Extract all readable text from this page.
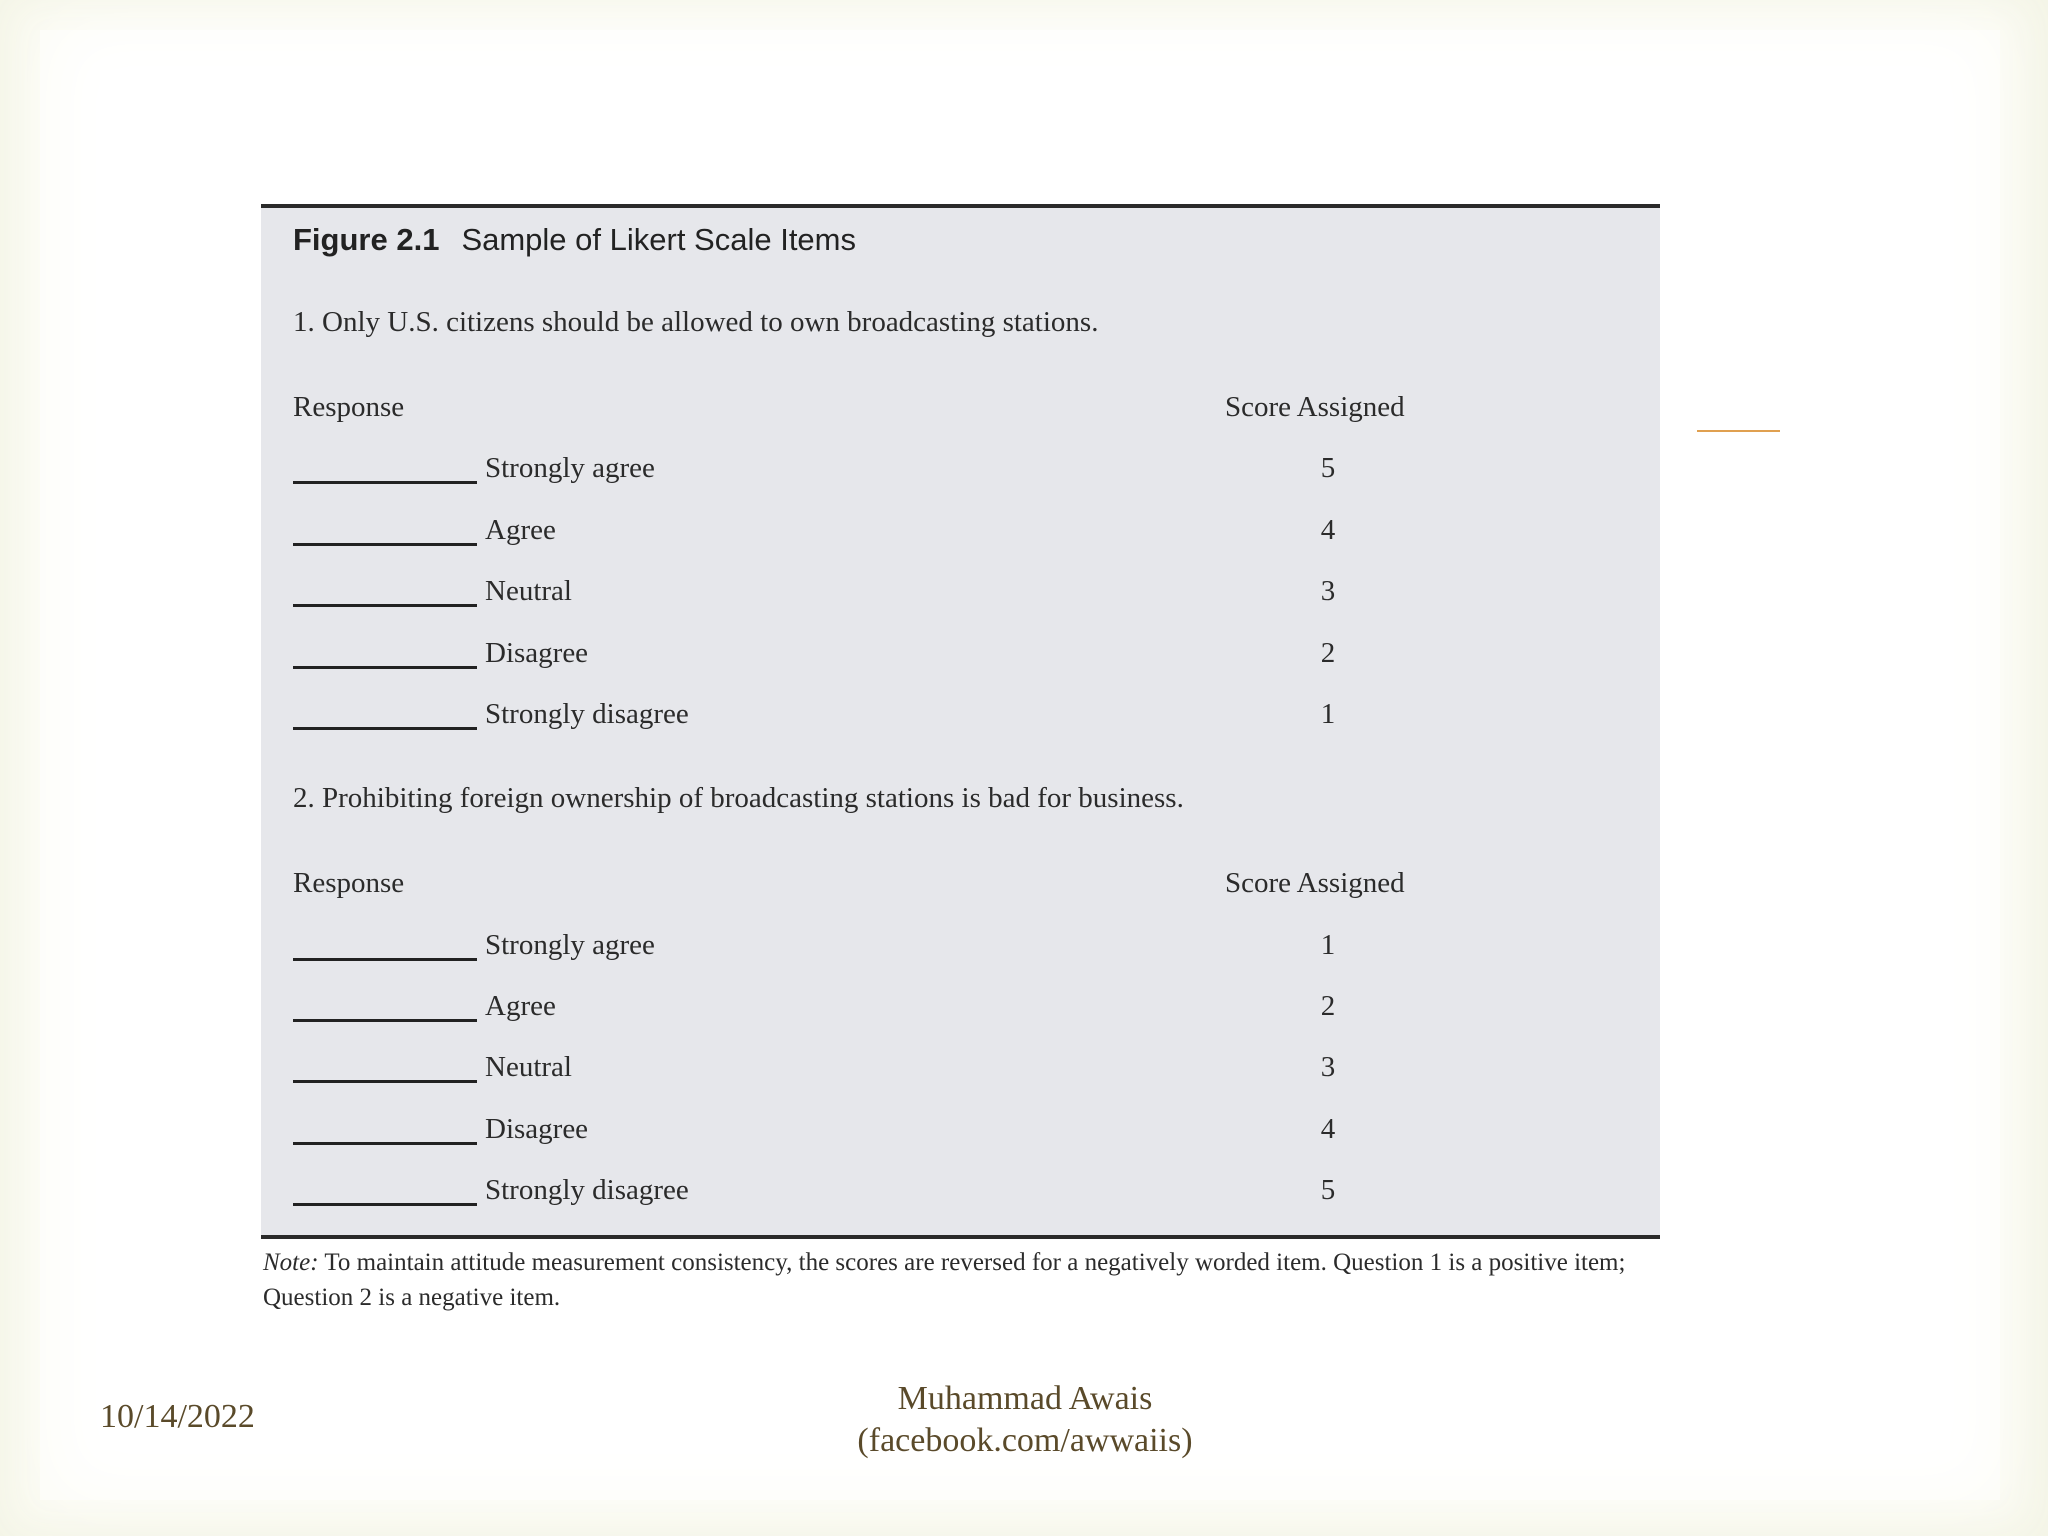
Figure 2.1 Sample of Likert Scale Items
1. Only U.S. citizens should be allowed to own broadcasting stations.
Response	Score Assigned
Strongly agree	5
Agree	4
Neutral	3
Disagree	2
Strongly disagree	1
2. Prohibiting foreign ownership of broadcasting stations is bad for business.
Response	Score Assigned
Strongly agree	1
Agree	2
Neutral	3
Disagree	4
Strongly disagree	5
Note: To maintain attitude measurement consistency, the scores are reversed for a negatively worded item. Question 1 is a positive item; Question 2 is a negative item.
10/14/2022	Muhammad Awais
(facebook.com/awwaiis)
